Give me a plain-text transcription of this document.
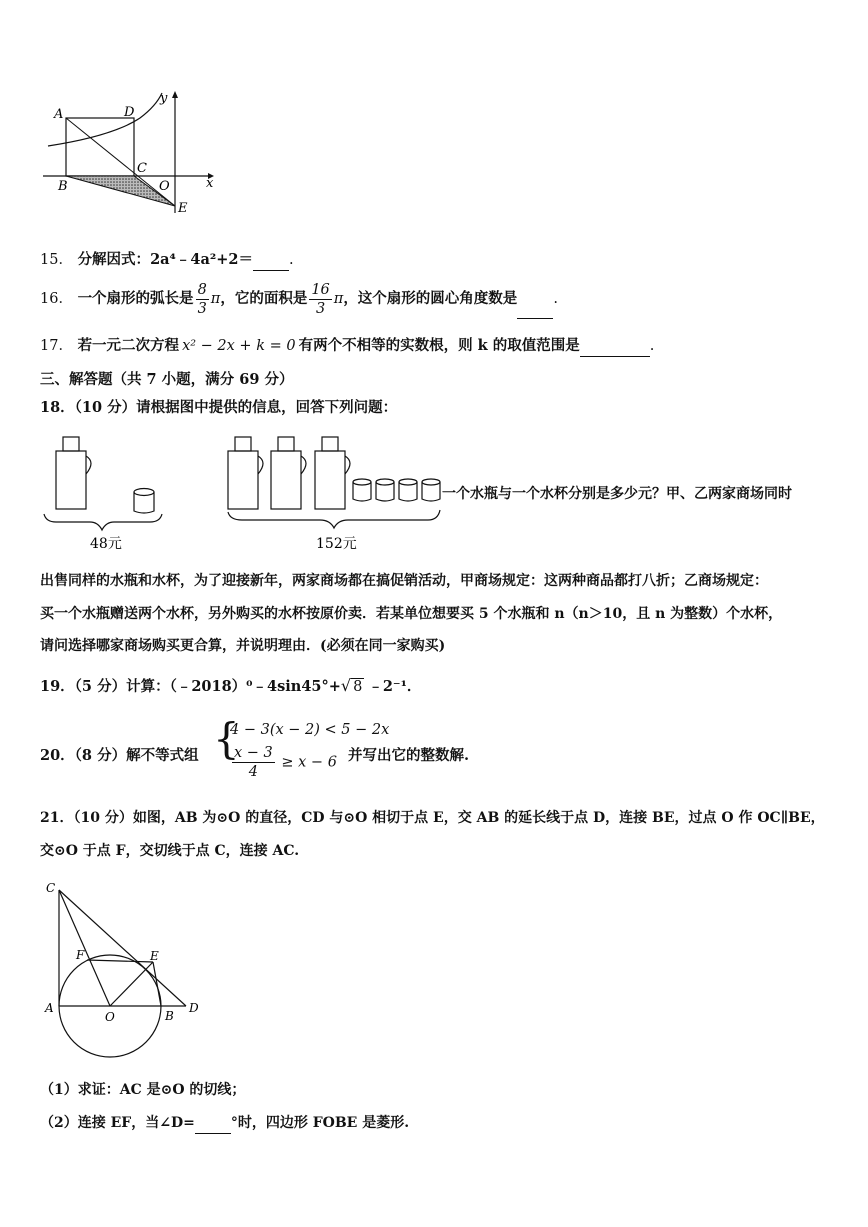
A	D
y
C
B	O	x
E
15． 分解因式：2a⁴﹣4a²+2＝ .
16． 一个扇形的弧长是 $\frac{8}{3}$ π，它的面积是 $\frac{16}{3}$ π，这个扇形的圆心角度数是 .
17． 若一元二次方程 x² − 2x + k = 0 有两个不相等的实数根，则 k 的取值范围是	.
三、解答题（共 7 小题，满分 69 分）
18．（10 分）请根据图中提供的信息，回答下列问题：
48元	152元
一个水瓶与一个水杯分别是多少元？甲、乙两家商场同时
出售同样的水瓶和水杯，为了迎接新年，两家商场都在搞促销活动，甲商场规定：这两种商品都打八折；乙商场规定：
买一个水瓶赠送两个水杯，另外购买的水杯按原价卖．若某单位想要买 5 个水瓶和 n（n＞10，且 n 为整数）个水杯，
请问选择哪家商场购买更合算，并说明理由．(必须在同一家购买)
19．（5 分）计算：（﹣2018）⁰﹣4sin45°+√ 8 ﹣2⁻¹．
20．（8 分）解不等式组 {
4 − 3(x − 2) < 5 − 2x
$\frac{x - 3}{4} \ge x - 6$ 并写出它的整数解.
21．（10 分）如图，AB 为⊙O 的直径，CD 与⊙O 相切于点 E，交 AB 的延长线于点 D，连接 BE，过点 O 作 OC∥BE，
交⊙O 于点 F，交切线于点 C，连接 AC.
C
F	E
A
O	B
D
（1）求证：AC 是⊙O 的切线；
（2）连接 EF，当∠D=	°时，四边形 FOBE 是菱形.
